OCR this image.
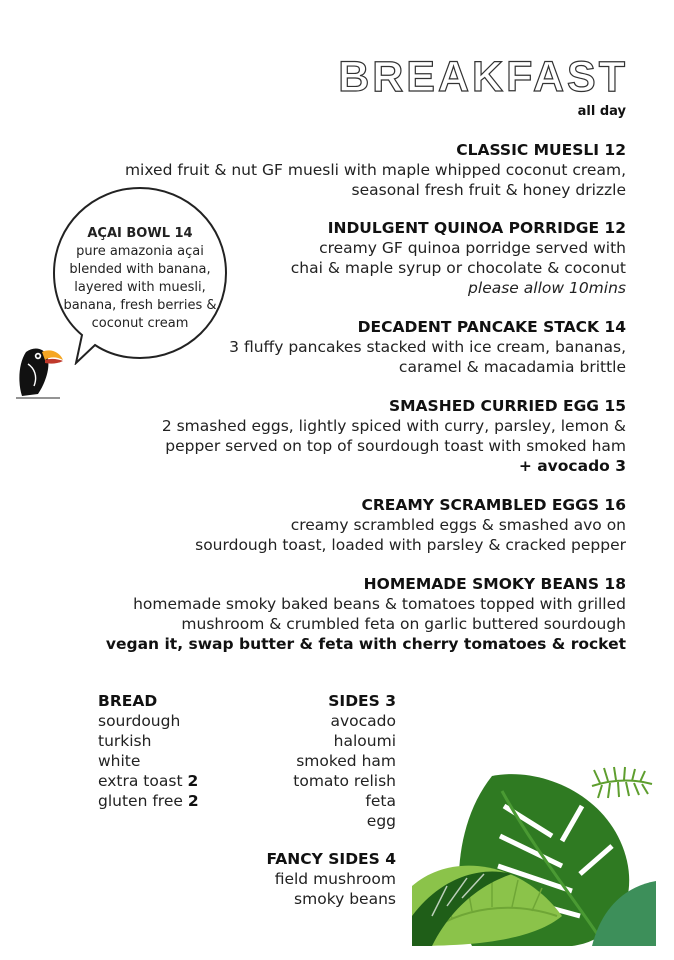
BREAKFAST
all day
CLASSIC MUESLI 12
mixed fruit & nut GF muesli with maple whipped coconut cream,
seasonal fresh fruit & honey drizzle
INDULGENT QUINOA PORRIDGE 12
creamy GF quinoa porridge served with
chai & maple syrup or chocolate & coconut
please allow 10mins
DECADENT PANCAKE STACK 14
3 fluffy pancakes stacked with ice cream, bananas,
caramel & macadamia brittle
SMASHED CURRIED EGG 15
2 smashed eggs, lightly spiced with curry, parsley, lemon &
pepper served on top of sourdough toast with smoked ham
+ avocado 3
CREAMY SCRAMBLED EGGS 16
creamy scrambled eggs & smashed avo on
sourdough toast, loaded with parsley & cracked pepper
HOMEMADE SMOKY BEANS 18
homemade smoky baked beans & tomatoes topped with grilled
mushroom & crumbled feta on garlic buttered sourdough
vegan it, swap butter & feta with cherry tomatoes & rocket
AÇAI BOWL 14
pure amazonia açai
blended with banana,
layered with muesli,
banana, fresh berries &
coconut cream
BREAD
sourdough
turkish
white
extra toast 2
gluten free 2
SIDES 3
avocado
haloumi
smoked ham
tomato relish
feta
egg
FANCY SIDES 4
field mushroom
smoky beans
